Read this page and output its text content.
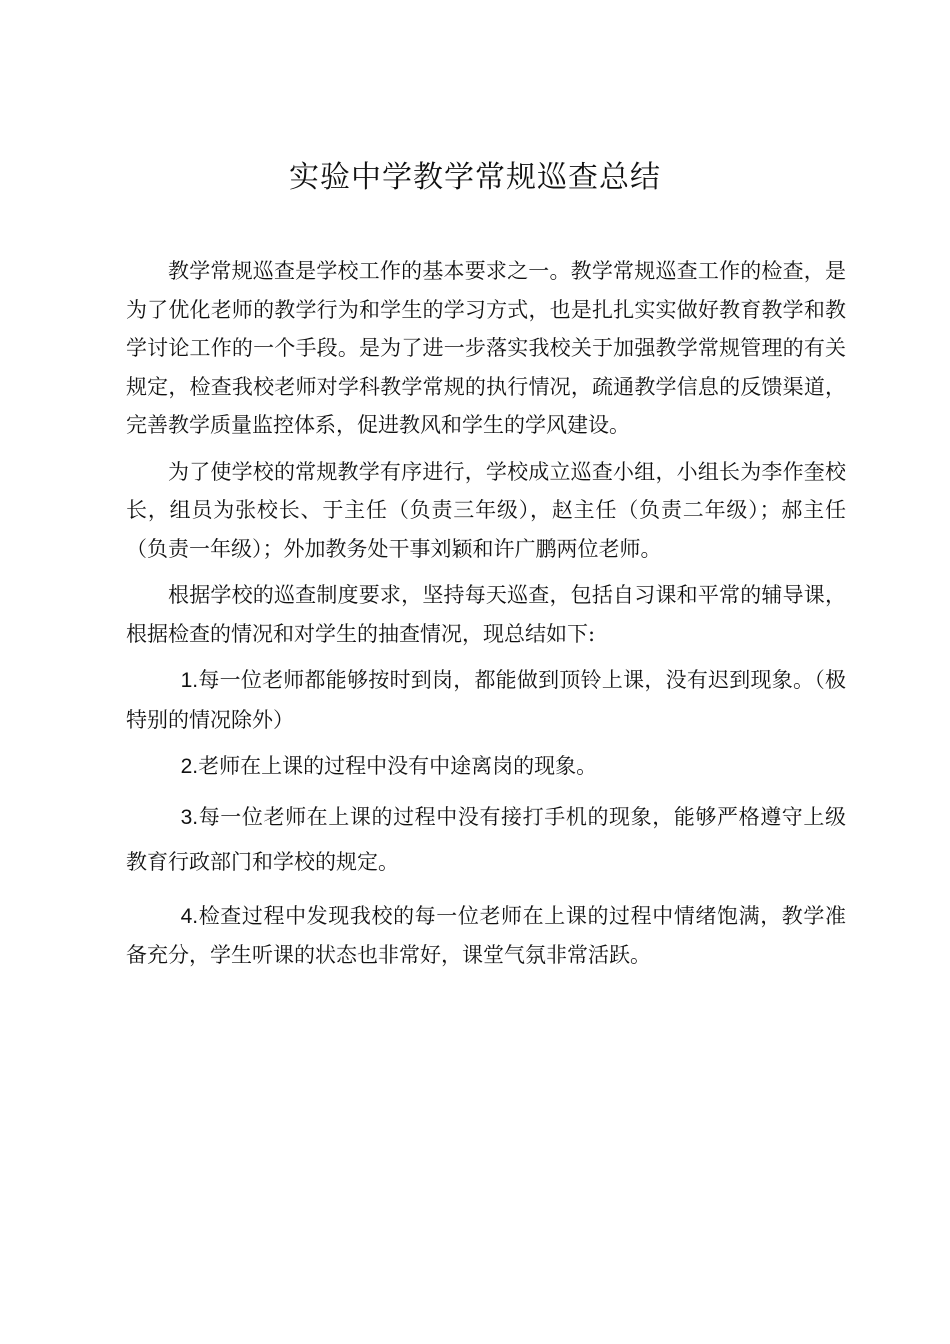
实验中学教学常规巡查总结

教学常规巡查是学校工作的基本要求之一。教学常规巡查工作的检查，是为了优化老师的教学行为和学生的学习方式，也是扎扎实实做好教育教学和教学讨论工作的一个手段。是为了进一步落实我校关于加强教学常规管理的有关规定，检查我校老师对学科教学常规的执行情况，疏通教学信息的反馈渠道，完善教学质量监控体系，促进教风和学生的学风建设。

为了使学校的常规教学有序进行，学校成立巡查小组，小组长为李作奎校长，组员为张校长、于主任（负责三年级），赵主任（负责二年级）；郝主任（负责一年级）；外加教务处干事刘颖和许广鹏两位老师。

根据学校的巡查制度要求，坚持每天巡查，包括自习课和平常的辅导课，根据检查的情况和对学生的抽查情况，现总结如下:

1.每一位老师都能够按时到岗，都能做到顶铃上课，没有迟到现象。（极特别的情况除外）

2.老师在上课的过程中没有中途离岗的现象。

3.每一位老师在上课的过程中没有接打手机的现象，能够严格遵守上级教育行政部门和学校的规定。

4.检查过程中发现我校的每一位老师在上课的过程中情绪饱满，教学准备充分，学生听课的状态也非常好，课堂气氛非常活跃。
